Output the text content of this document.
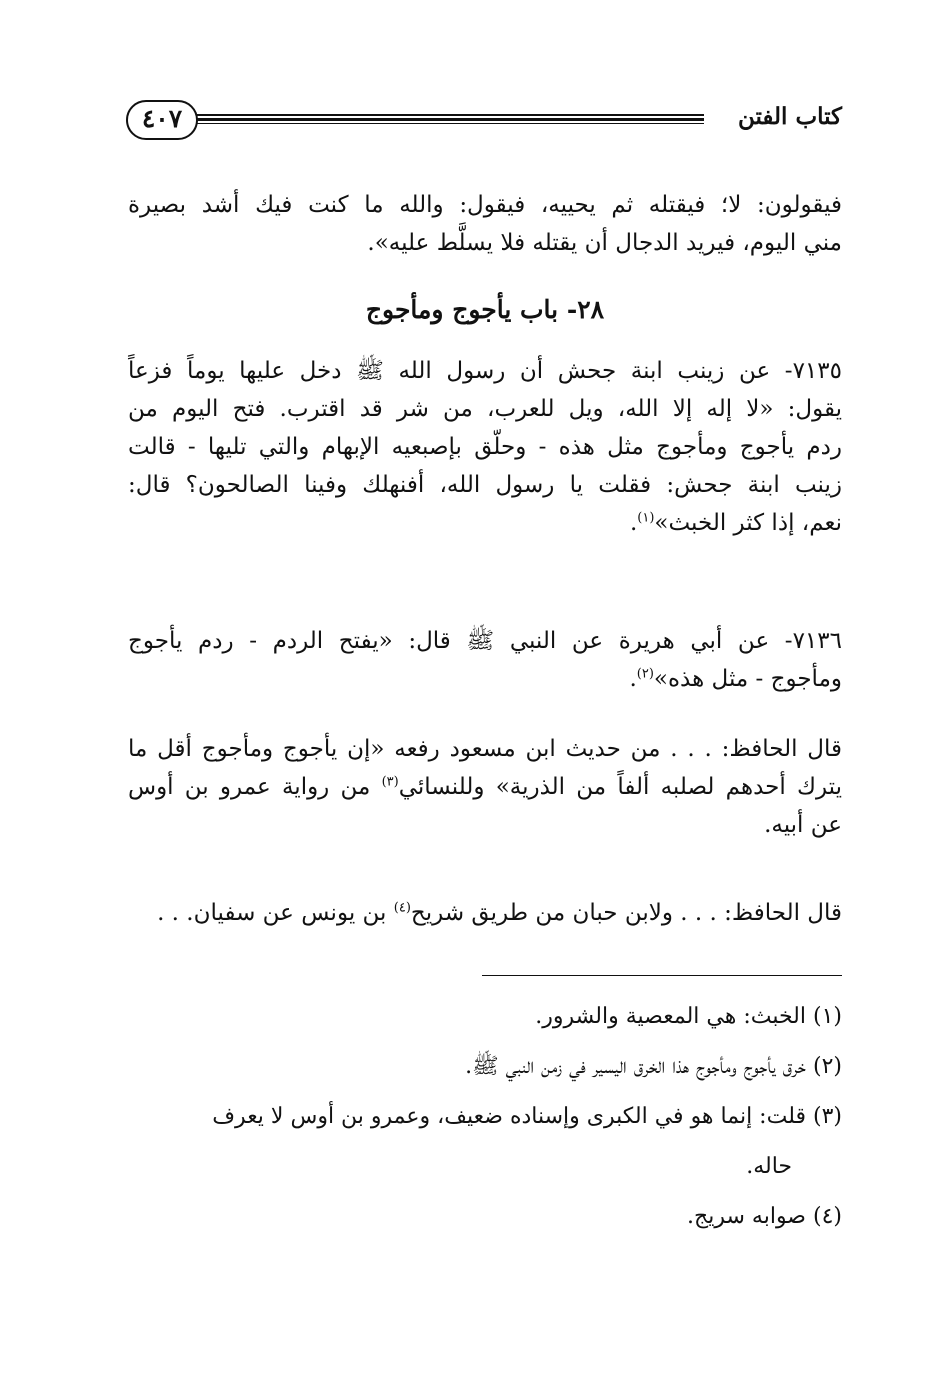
كتاب الفتن
٤٠٧
فيقولون: لا؛ فيقتله ثم يحييه، فيقول: والله ما كنت فيك أشد بصيرة
مني اليوم، فيريد الدجال أن يقتله فلا يسلَّط عليه».
٢٨- باب يأجوج ومأجوج
٧١٣٥- عن زينب ابنة جحش أن رسول الله ﷺ دخل عليها يوماً فزعاً
يقول: «لا إله إلا الله، ويل للعرب، من شر قد اقترب. فتح اليوم من
ردم يأجوج ومأجوج مثل هذه - وحلّق بإصبعيه الإبهام والتي تليها - قالت
زينب ابنة جحش: فقلت يا رسول الله، أفنهلك وفينا الصالحون؟ قال:
نعم، إذا كثر الخبث»$^{(١)}$.
٧١٣٦- عن أبي هريرة عن النبي ﷺ قال: «يفتح الردم - ردم يأجوج
ومأجوج - مثل هذه»$^{(٢)}$.
قال الحافظ: . . . من حديث ابن مسعود رفعه «إن يأجوج ومأجوج أقل ما
يترك أحدهم لصلبه ألفاً من الذرية» وللنسائي$^{(٣)}$ من رواية عمرو بن أوس
عن أبيه.
قال الحافظ: . . . ولابن حبان من طريق شريح$^{(٤)}$ بن يونس عن سفيان. . .
(١) الخبث: هي المعصية والشرور.
(٢) خرق يأجوج ومأجوج هذا الخرق اليسير في زمن النبي ﷺ.
(٣) قلت: إنما هو في الكبرى وإسناده ضعيف، وعمرو بن أوس لا يعرف
حاله.
(٤) صوابه سريج.
